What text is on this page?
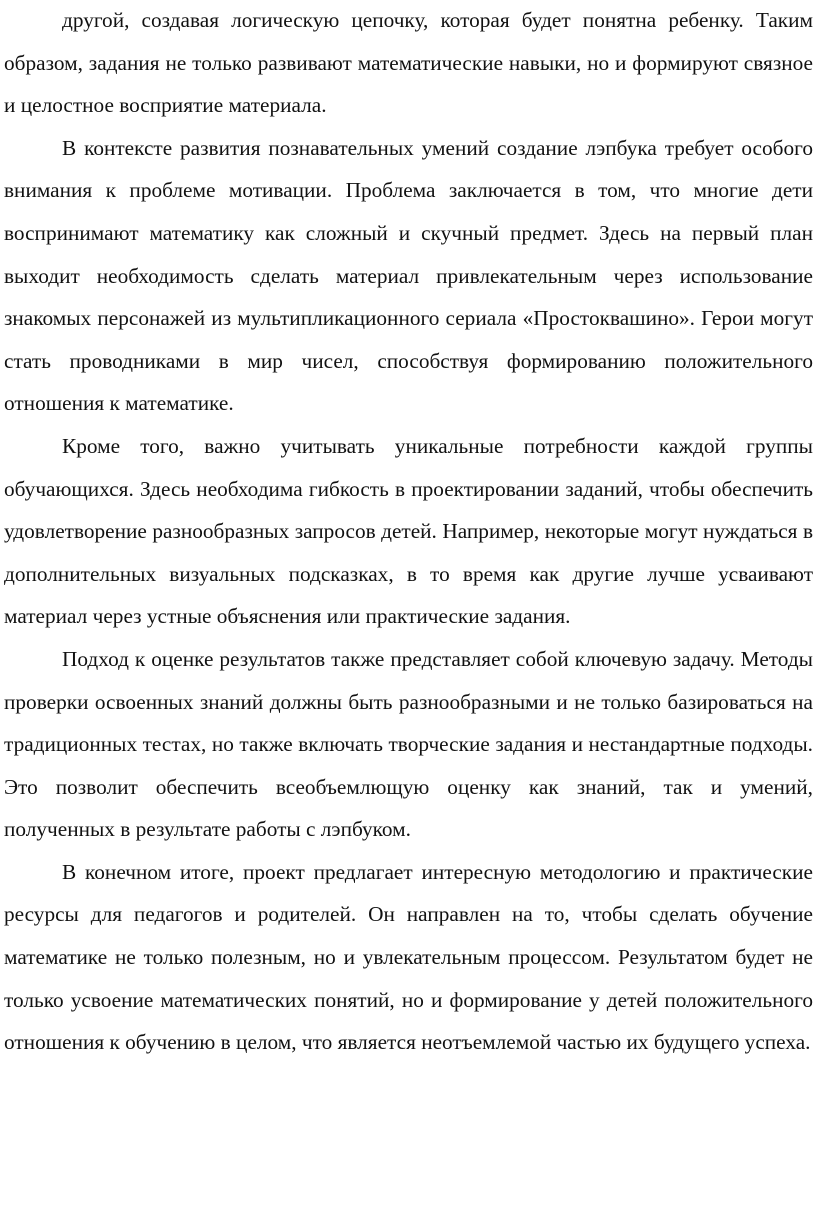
другой, создавая логическую цепочку, которая будет понятна ребенку. Таким образом, задания не только развивают математические навыки, но и формируют связное и целостное восприятие материала.

В контексте развития познавательных умений создание лэпбука требует особого внимания к проблеме мотивации. Проблема заключается в том, что многие дети воспринимают математику как сложный и скучный предмет. Здесь на первый план выходит необходимость сделать материал привлекательным через использование знакомых персонажей из мультипликационного сериала «Простоквашино». Герои могут стать проводниками в мир чисел, способствуя формированию положительного отношения к математике.

Кроме того, важно учитывать уникальные потребности каждой группы обучающихся. Здесь необходима гибкость в проектировании заданий, чтобы обеспечить удовлетворение разнообразных запросов детей. Например, некоторые могут нуждаться в дополнительных визуальных подсказках, в то время как другие лучше усваивают материал через устные объяснения или практические задания.

Подход к оценке результатов также представляет собой ключевую задачу. Методы проверки освоенных знаний должны быть разнообразными и не только базироваться на традиционных тестах, но также включать творческие задания и нестандартные подходы. Это позволит обеспечить всеобъемлющую оценку как знаний, так и умений, полученных в результате работы с лэпбуком.

В конечном итоге, проект предлагает интересную методологию и практические ресурсы для педагогов и родителей. Он направлен на то, чтобы сделать обучение математике не только полезным, но и увлекательным процессом. Результатом будет не только усвоение математических понятий, но и формирование у детей положительного отношения к обучению в целом, что является неотъемлемой частью их будущего успеха.
